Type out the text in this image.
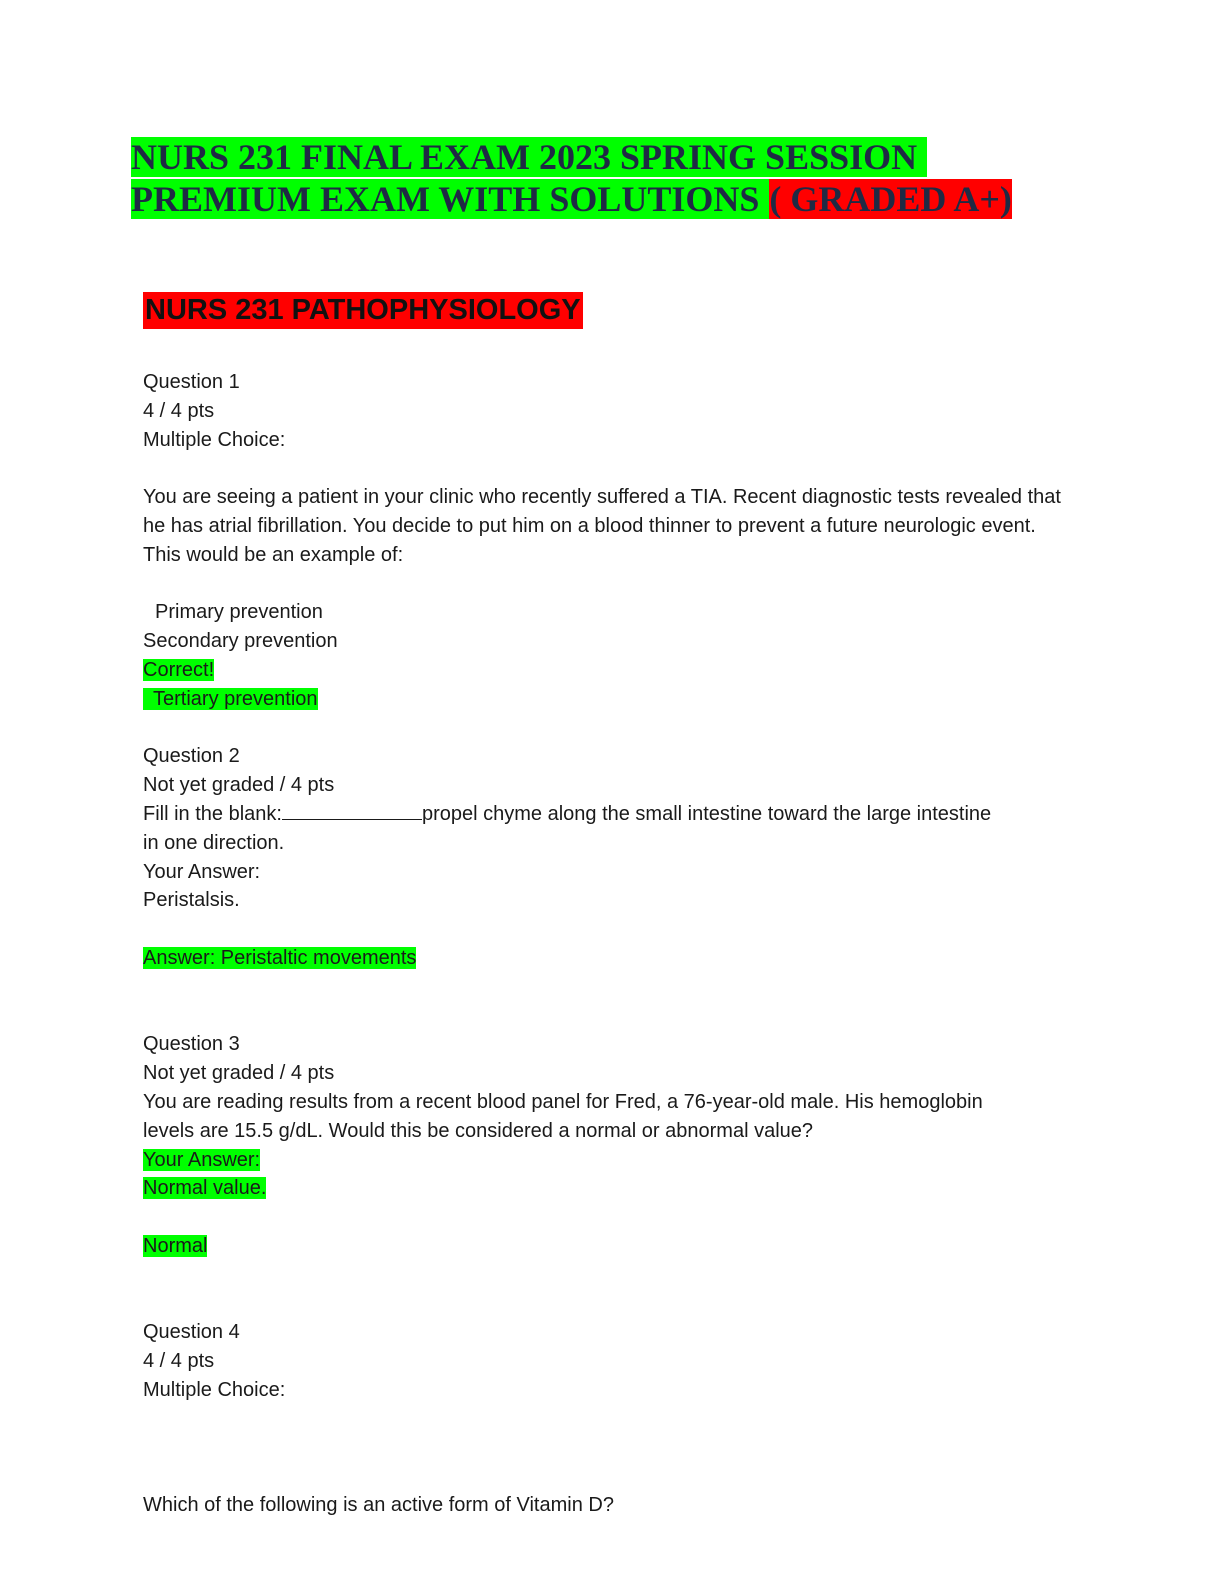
NURS 231 FINAL EXAM 2023 SPRING SESSION
PREMIUM EXAM WITH SOLUTIONS ( GRADED A+)
NURS 231 PATHOPHYSIOLOGY
Question 1
4 / 4 pts
Multiple Choice:
You are seeing a patient in your clinic who recently suffered a TIA. Recent diagnostic tests revealed that he has atrial fibrillation. You decide to put him on a blood thinner to prevent a future neurologic event. This would be an example of:
Primary prevention
Secondary prevention
Correct!
Tertiary prevention
Question 2
Not yet graded / 4 pts
Fill in the blank:	propel chyme along the small intestine toward the large intestine
in one direction.
Your Answer:
Peristalsis.
Answer: Peristaltic movements
Question 3
Not yet graded / 4 pts
You are reading results from a recent blood panel for Fred, a 76-year-old male. His hemoglobin
levels are 15.5 g/dL. Would this be considered a normal or abnormal value?
Your Answer:
Normal value.
Normal
Question 4
4 / 4 pts
Multiple Choice:
Which of the following is an active form of Vitamin D?
